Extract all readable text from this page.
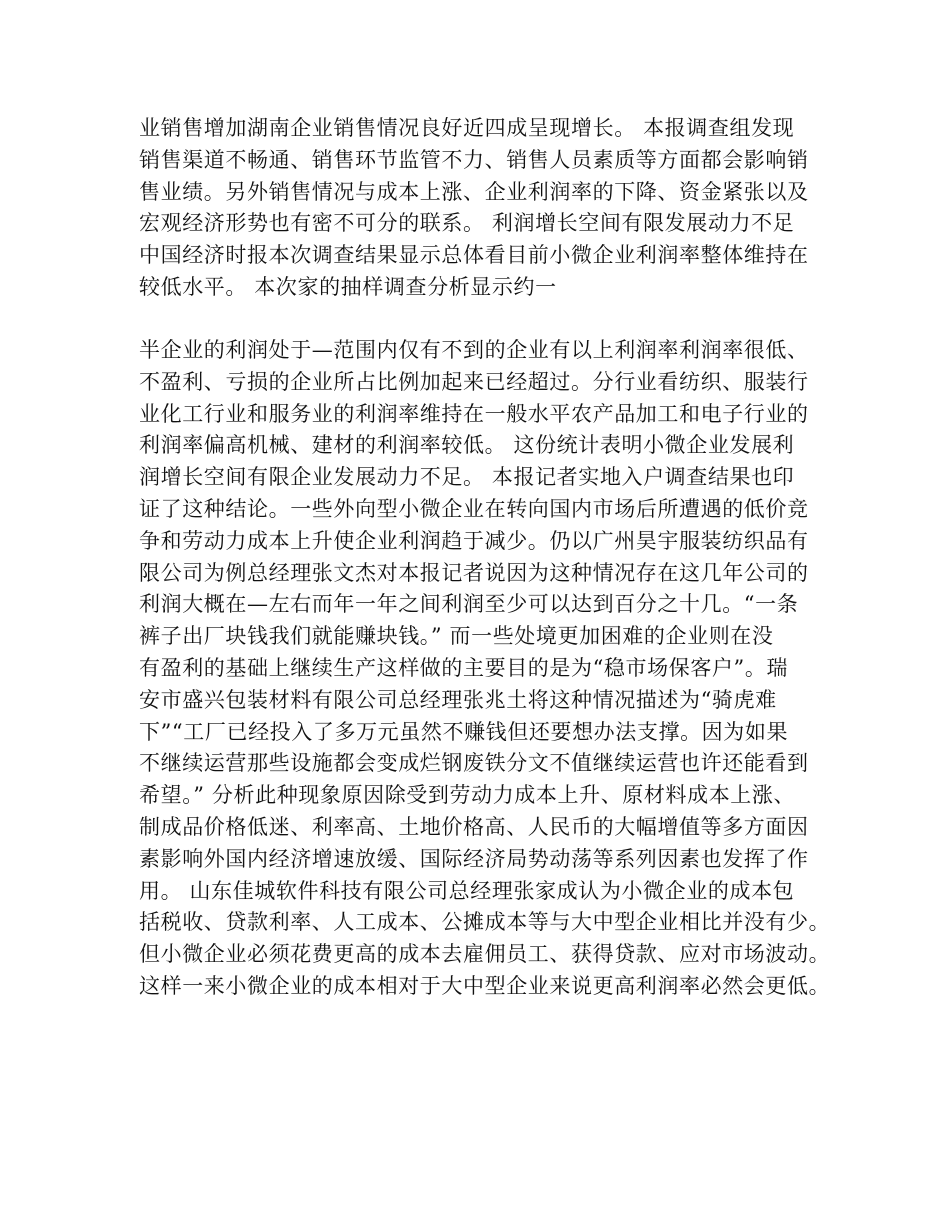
业销售增加湖南企业销售情况良好近四成呈现增长。 本报调查组发现
销售渠道不畅通、销售环节监管不力、销售人员素质等方面都会影响销
售业绩。另外销售情况与成本上涨、企业利润率的下降、资金紧张以及
宏观经济形势也有密不可分的联系。 利润增长空间有限发展动力不足
中国经济时报本次调查结果显示总体看目前小微企业利润率整体维持在
较低水平。 本次家的抽样调查分析显示约一
半企业的利润处于—范围内仅有不到的企业有以上利润率利润率很低、
不盈利、亏损的企业所占比例加起来已经超过。分行业看纺织、服装行
业化工行业和服务业的利润率维持在一般水平农产品加工和电子行业的
利润率偏高机械、建材的利润率较低。 这份统计表明小微企业发展利
润增长空间有限企业发展动力不足。 本报记者实地入户调查结果也印
证了这种结论。一些外向型小微企业在转向国内市场后所遭遇的低价竞
争和劳动力成本上升使企业利润趋于减少。仍以广州昊宇服装纺织品有
限公司为例总经理张文杰对本报记者说因为这种情况存在这几年公司的
利润大概在—左右而年一年之间利润至少可以达到百分之十几。“一条
裤子出厂块钱我们就能赚块钱。” 而一些处境更加困难的企业则在没
有盈利的基础上继续生产这样做的主要目的是为“稳市场保客户”。瑞
安市盛兴包装材料有限公司总经理张兆土将这种情况描述为“骑虎难
下”“工厂已经投入了多万元虽然不赚钱但还要想办法支撑。因为如果
不继续运营那些设施都会变成烂钢废铁分文不值继续运营也许还能看到
希望。” 分析此种现象原因除受到劳动力成本上升、原材料成本上涨、
制成品价格低迷、利率高、土地价格高、人民币的大幅增值等多方面因
素影响外国内经济增速放缓、国际经济局势动荡等系列因素也发挥了作
用。 山东佳城软件科技有限公司总经理张家成认为小微企业的成本包
括税收、贷款利率、人工成本、公摊成本等与大中型企业相比并没有少。
但小微企业必须花费更高的成本去雇佣员工、获得贷款、应对市场波动。
这样一来小微企业的成本相对于大中型企业来说更高利润率必然会更低。
